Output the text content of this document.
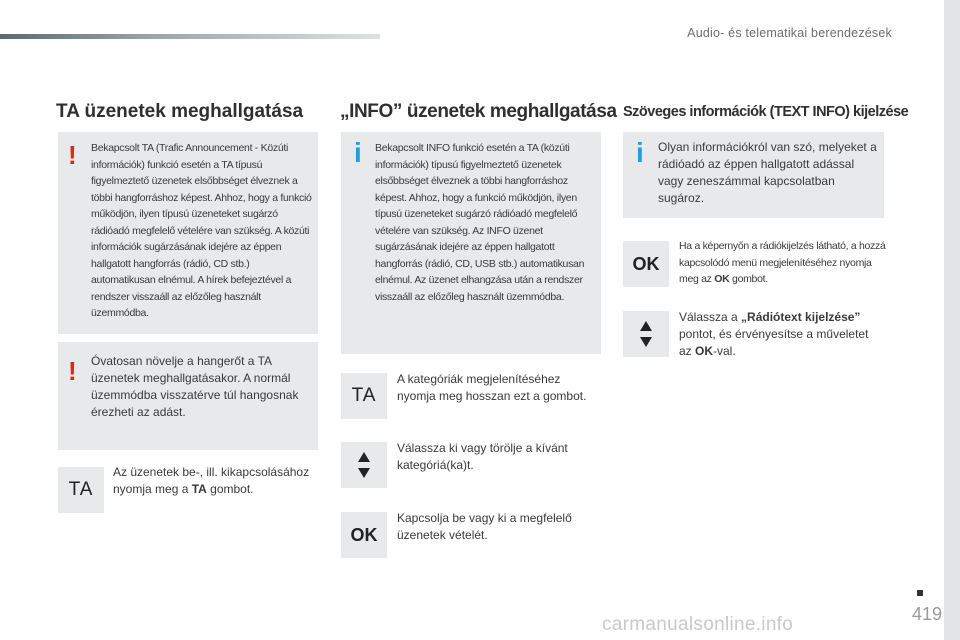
Audio- és telematikai berendezések
TA üzenetek meghallgatása
! Bekapcsolt TA (Trafic Announcement - Közúti információk) funkció esetén a TA típusú figyelmeztető üzenetek elsőbbséget élveznek a többi hangforráshoz képest. Ahhoz, hogy a funkció működjön, ilyen típusú üzeneteket sugárzó rádióadó megfelelő vételére van szükség. A közúti információk sugárzásának idejére az éppen hallgatott hangforrás (rádió, CD stb.) automatikusan elnémul. A hírek befejeztével a rendszer visszaáll az előzőleg használt üzemmódba.

! Óvatosan növelje a hangerőt a TA üzenetek meghallgatásakor. A normál üzemmódba visszatérve túl hangosnak érezheti az adást.

TA

Az üzenetek be-, ill. kikapcsolásához nyomja meg a TA gombot.

„INFO” üzenetek meghallgatása
i Bekapcsolt INFO funkció esetén a TA (közúti információk) típusú figyelmeztető üzenetek elsőbbséget élveznek a többi hangforráshoz képest. Ahhoz, hogy a funkció működjön, ilyen típusú üzeneteket sugárzó rádióadó megfelelő vételére van szükség. Az INFO üzenet sugárzásának idejére az éppen hallgatott hangforrás (rádió, CD, USB stb.) automatikusan elnémul. Az üzenet elhangzása után a rendszer visszaáll az előzőleg használt üzemmódba.

TA

A kategóriák megjelenítéséhez nyomja meg hosszan ezt a gombot.

Válassza ki vagy törölje a kívánt kategóriá(ka)t.

OK

Kapcsolja be vagy ki a megfelelő üzenetek vételét.

Szöveges információk (TEXT INFO) kijelzése
i Olyan információkról van szó, melyeket a rádióadó az éppen hallgatott adással vagy zeneszámmal kapcsolatban sugároz.

OK

Ha a képernyőn a rádiókijelzés látható, a hozzá kapcsolódó menü megjelenítéséhez nyomja meg az OK gombot.

Válassza a „Rádiótext kijelzése” pontot, és érvényesítse a műveletet az OK-val.

419
carmanualsonline.info
